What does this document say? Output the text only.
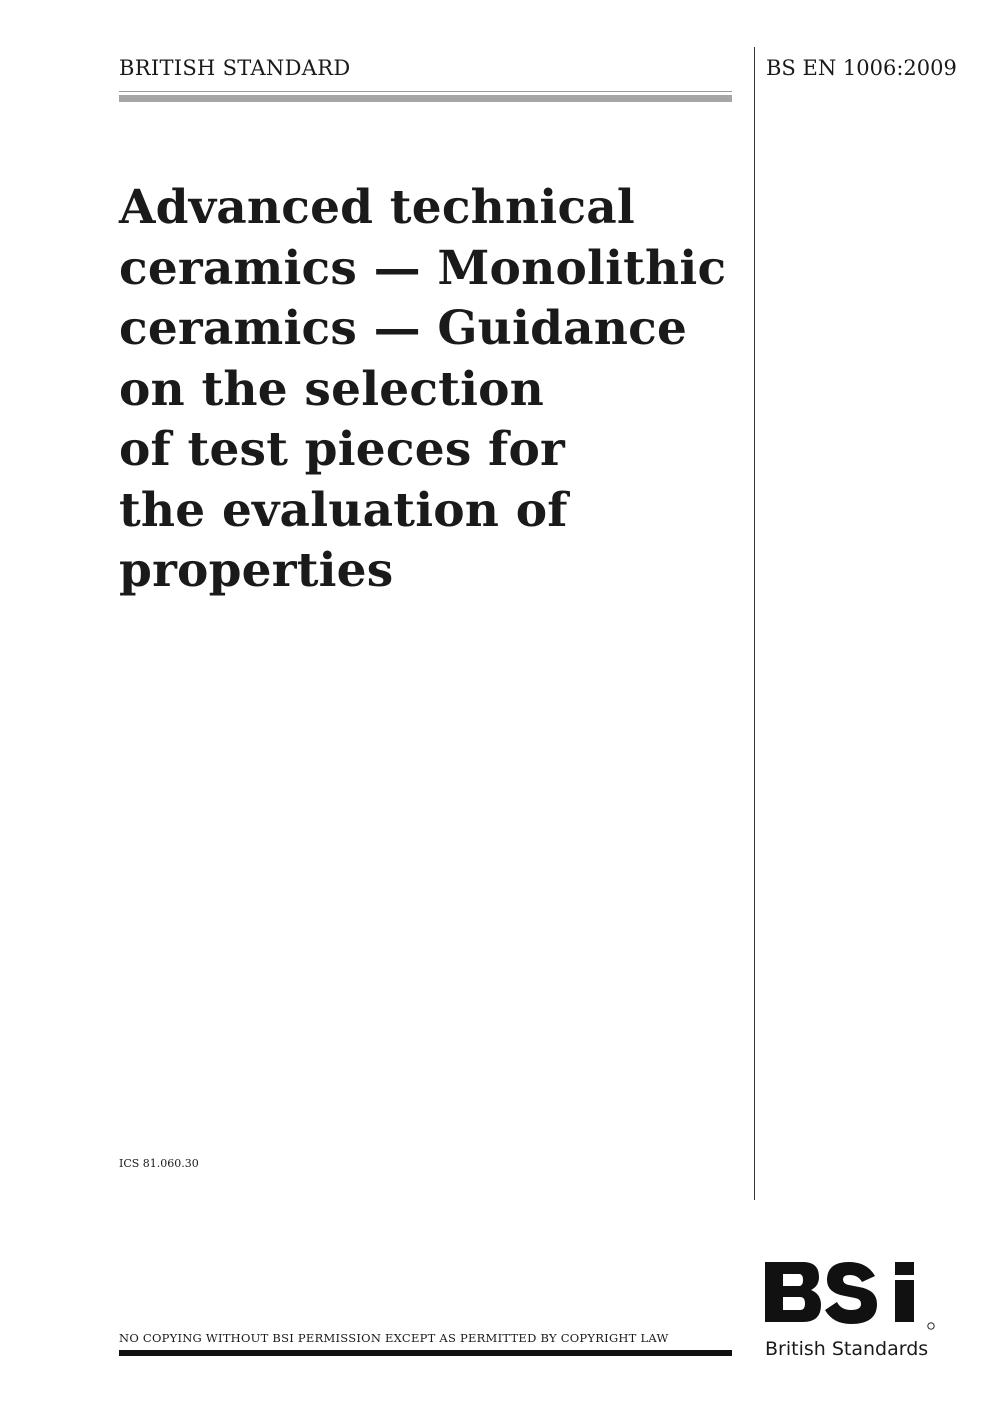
BRITISH STANDARD	BS EN 1006:2009
Advanced technical
ceramics — Monolithic
ceramics — Guidance
on the selection
of test pieces for
the evaluation of
properties
ICS 81.060.30
NO COPYING WITHOUT BSI PERMISSION EXCEPT AS PERMITTED BY COPYRIGHT LAW	British Standards
